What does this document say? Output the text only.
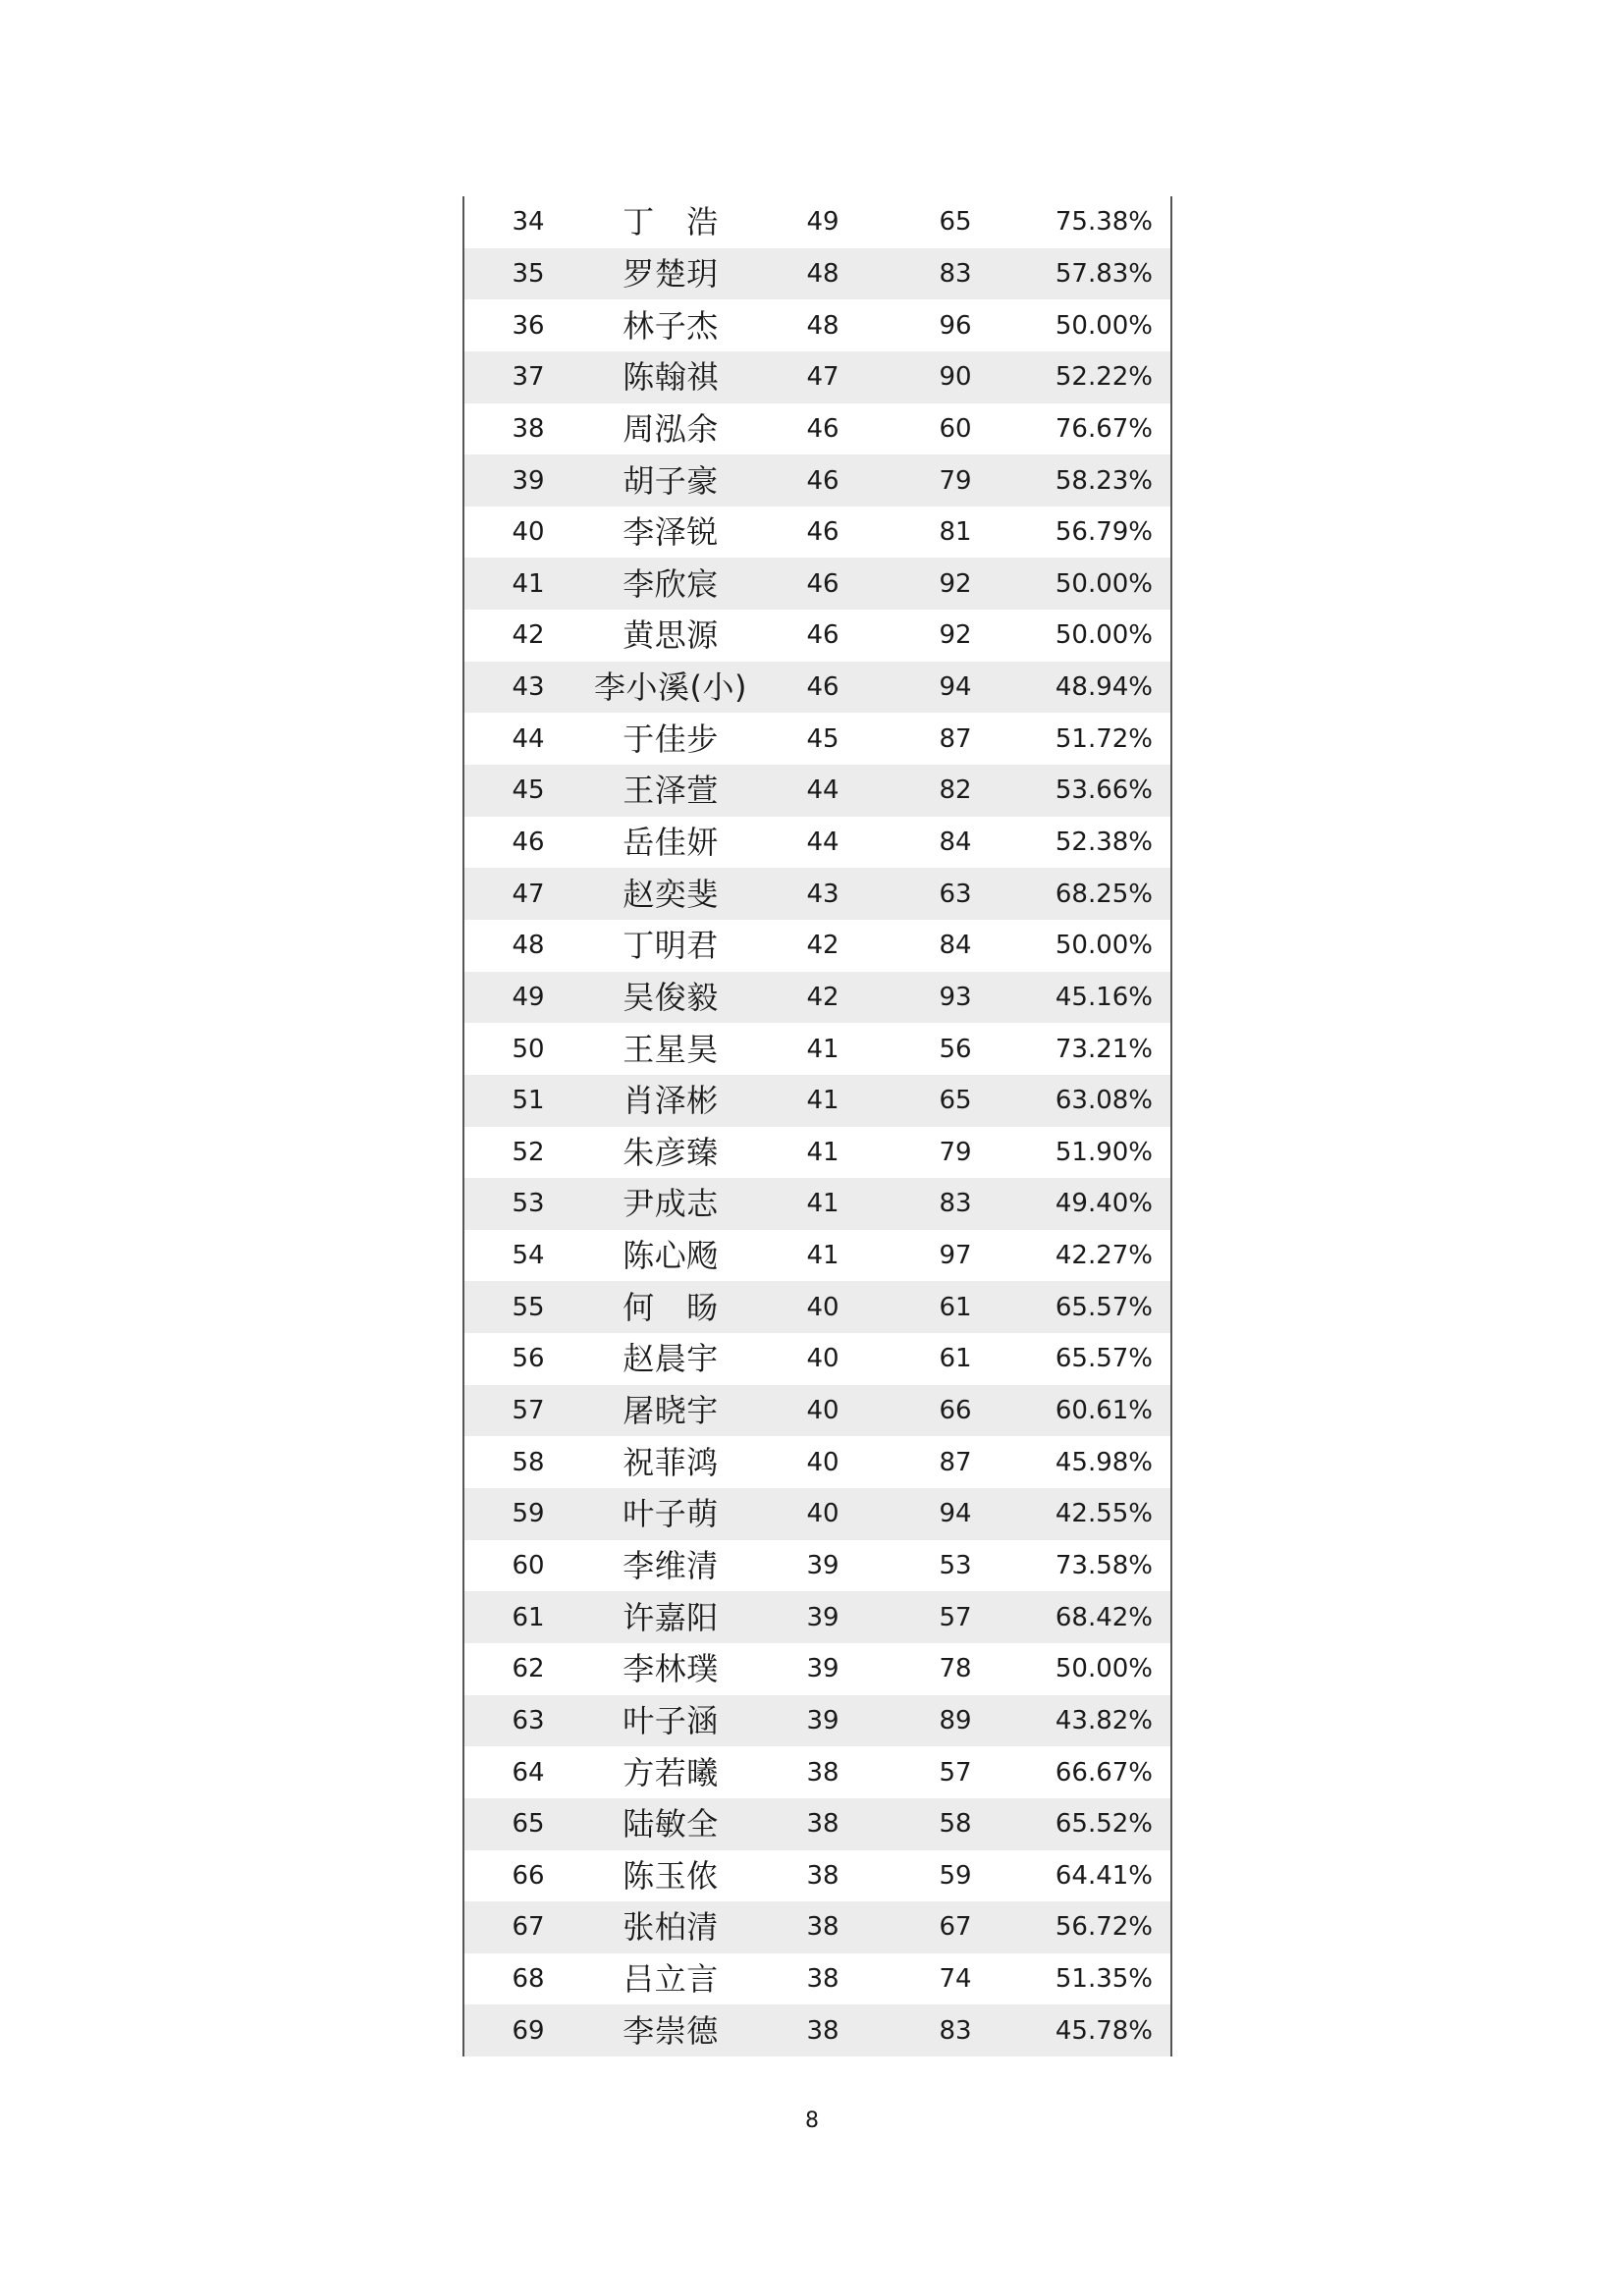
34	丁　浩	49	65	75.38%
35	罗楚玥	48	83	57.83%
36	林子杰	48	96	50.00%
37	陈翰祺	47	90	52.22%
38	周泓余	46	60	76.67%
39	胡子豪	46	79	58.23%
40	李泽锐	46	81	56.79%
41	李欣宸	46	92	50.00%
42	黄思源	46	92	50.00%
43	李小溪(小)	46	94	48.94%
44	于佳步	45	87	51.72%
45	王泽萱	44	82	53.66%
46	岳佳妍	44	84	52.38%
47	赵奕斐	43	63	68.25%
48	丁明君	42	84	50.00%
49	吴俊毅	42	93	45.16%
50	王星昊	41	56	73.21%
51	肖泽彬	41	65	63.08%
52	朱彦臻	41	79	51.90%
53	尹成志	41	83	49.40%
54	陈心飏	41	97	42.27%
55	何　旸	40	61	65.57%
56	赵晨宇	40	61	65.57%
57	屠晓宇	40	66	60.61%
58	祝菲鸿	40	87	45.98%
59	叶子萌	40	94	42.55%
60	李维清	39	53	73.58%
61	许嘉阳	39	57	68.42%
62	李林璞	39	78	50.00%
63	叶子涵	39	89	43.82%
64	方若曦	38	57	66.67%
65	陆敏全	38	58	65.52%
66	陈玉侬	38	59	64.41%
67	张柏清	38	67	56.72%
68	吕立言	38	74	51.35%
69	李崇德	38	83	45.78%
8
